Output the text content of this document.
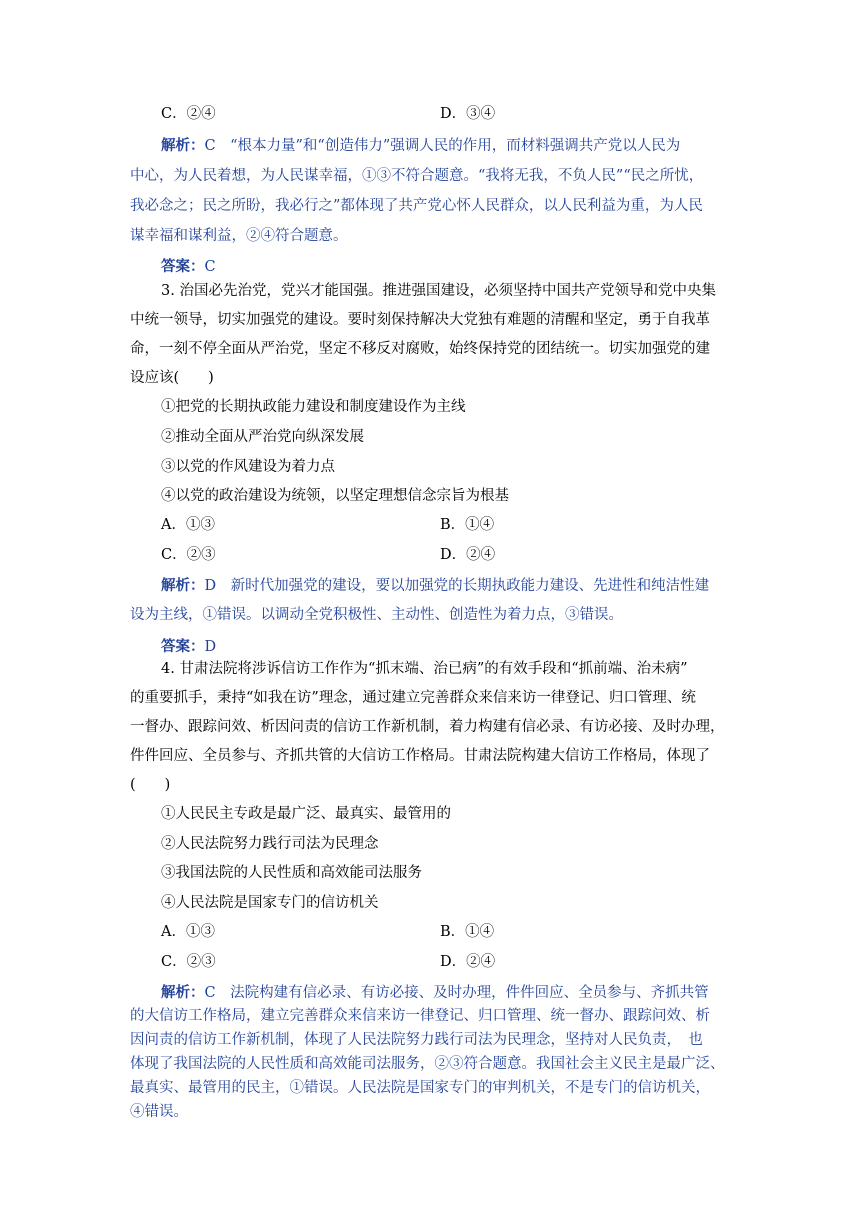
C．②④	D．③④
解析：C　“根本力量”和“创造伟力”强调人民的作用，而材料强调共产党以人民为
中心，为人民着想，为人民谋幸福，①③不符合题意。“我将无我，不负人民”“民之所忧，
我必念之；民之所盼，我必行之”都体现了共产党心怀人民群众，以人民利益为重，为人民
谋幸福和谋利益，②④符合题意。
答案：C
3. 治国必先治党，党兴才能国强。推进强国建设，必须坚持中国共产党领导和党中央集
中统一领导，切实加强党的建设。要时刻保持解决大党独有难题的清醒和坚定，勇于自我革
命，一刻不停全面从严治党，坚定不移反对腐败，始终保持党的团结统一。切实加强党的建
设应该(　　)
①把党的长期执政能力建设和制度建设作为主线
②推动全面从严治党向纵深发展
③以党的作风建设为着力点
④以党的政治建设为统领，以坚定理想信念宗旨为根基
A．①③	B．①④
C．②③	D．②④
解析：D　新时代加强党的建设，要以加强党的长期执政能力建设、先进性和纯洁性建
设为主线，①错误。以调动全党积极性、主动性、创造性为着力点，③错误。
答案：D
4. 甘肃法院将涉诉信访工作作为“抓末端、治已病”的有效手段和“抓前端、治未病”
的重要抓手，秉持“如我在访”理念，通过建立完善群众来信来访一律登记、归口管理、统
一督办、跟踪问效、析因问责的信访工作新机制，着力构建有信必录、有访必接、及时办理，
件件回应、全员参与、齐抓共管的大信访工作格局。甘肃法院构建大信访工作格局，体现了
(　　)
①人民民主专政是最广泛、最真实、最管用的
②人民法院努力践行司法为民理念
③我国法院的人民性质和高效能司法服务
④人民法院是国家专门的信访机关
A．①③	B．①④
C．②③	D．②④
解析：C　法院构建有信必录、有访必接、及时办理，件件回应、全员参与、齐抓共管
的大信访工作格局，建立完善群众来信来访一律登记、归口管理、统一督办、跟踪问效、析
因问责的信访工作新机制，体现了人民法院努力践行司法为民理念，坚持对人民负责，　也
体现了我国法院的人民性质和高效能司法服务，②③符合题意。我国社会主义民主是最广泛、
最真实、最管用的民主，①错误。人民法院是国家专门的审判机关，不是专门的信访机关，
④错误。
